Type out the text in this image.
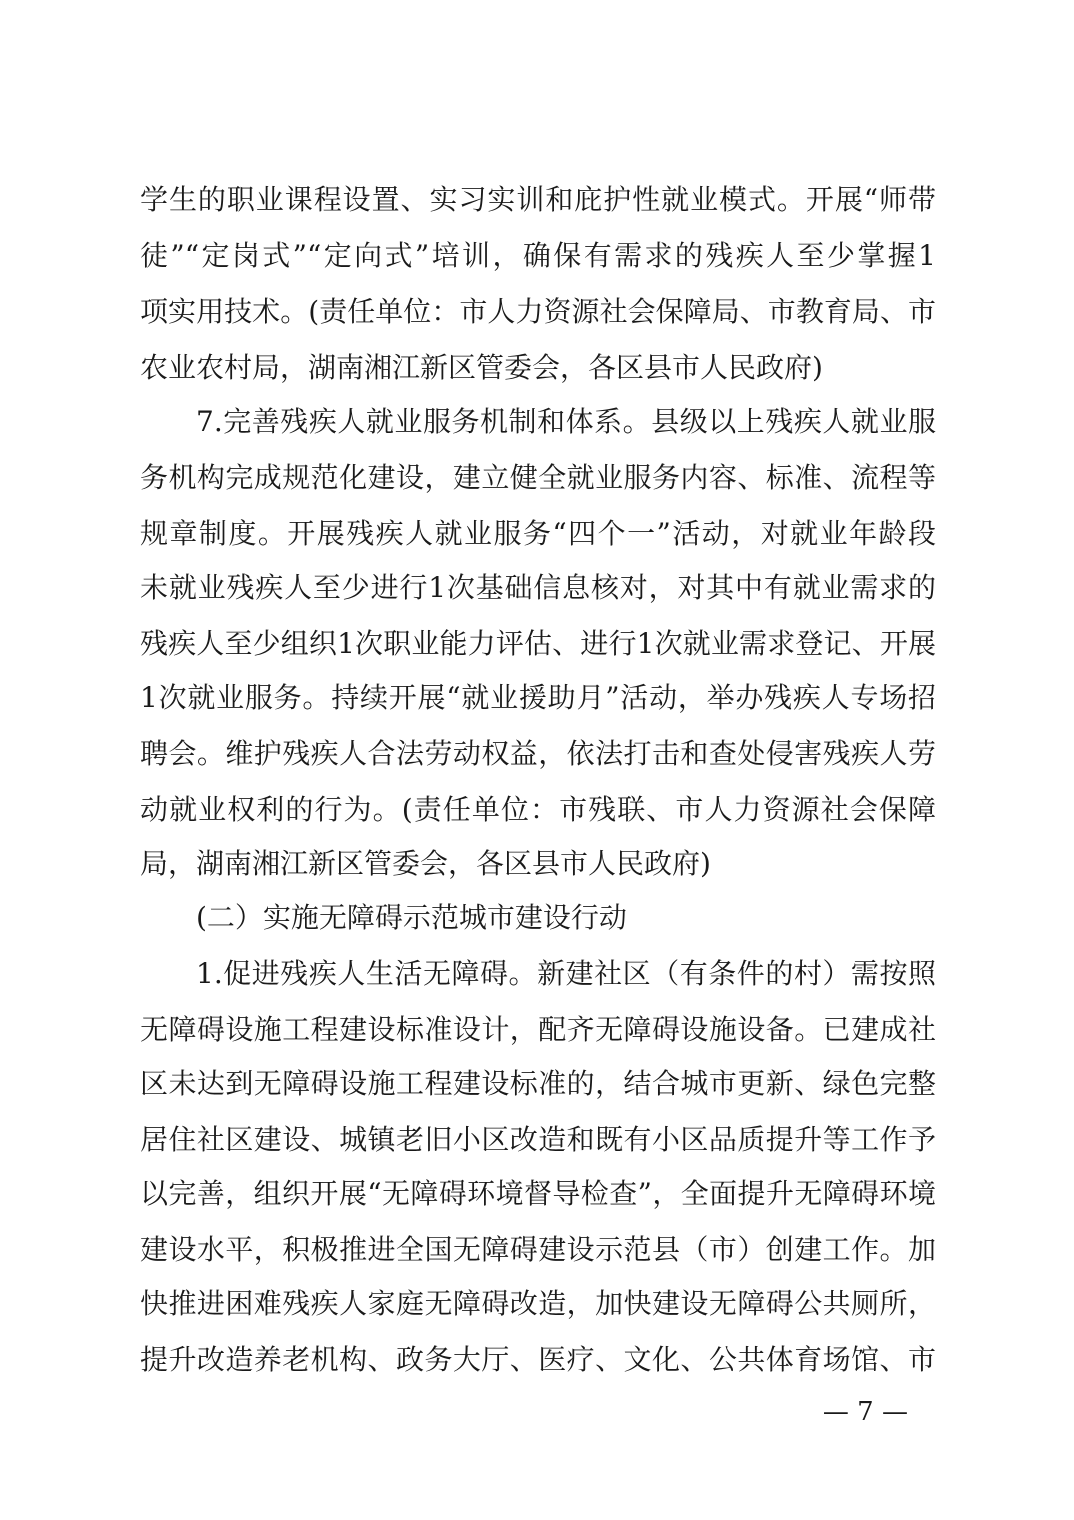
学生的职业课程设置、实习实训和庇护性就业模式。开展“师带
徒”“定岗式”“定向式”培训，确保有需求的残疾人至少掌握1
项实用技术。(责任单位：市人力资源社会保障局、市教育局、市
农业农村局，湖南湘江新区管委会，各区县市人民政府)
7.完善残疾人就业服务机制和体系。县级以上残疾人就业服
务机构完成规范化建设，建立健全就业服务内容、标准、流程等
规章制度。开展残疾人就业服务“四个一”活动，对就业年龄段
未就业残疾人至少进行1次基础信息核对，对其中有就业需求的
残疾人至少组织1次职业能力评估、进行1次就业需求登记、开展
1次就业服务。持续开展“就业援助月”活动，举办残疾人专场招
聘会。维护残疾人合法劳动权益，依法打击和查处侵害残疾人劳
动就业权利的行为。(责任单位：市残联、市人力资源社会保障
局，湖南湘江新区管委会，各区县市人民政府)
(二）实施无障碍示范城市建设行动
1.促进残疾人生活无障碍。新建社区（有条件的村）需按照
无障碍设施工程建设标准设计，配齐无障碍设施设备。已建成社
区未达到无障碍设施工程建设标准的，结合城市更新、绿色完整
居住社区建设、城镇老旧小区改造和既有小区品质提升等工作予
以完善，组织开展“无障碍环境督导检查”，全面提升无障碍环境
建设水平，积极推进全国无障碍建设示范县（市）创建工作。加
快推进困难残疾人家庭无障碍改造，加快建设无障碍公共厕所，
提升改造养老机构、政务大厅、医疗、文化、公共体育场馆、市
— 7 —
